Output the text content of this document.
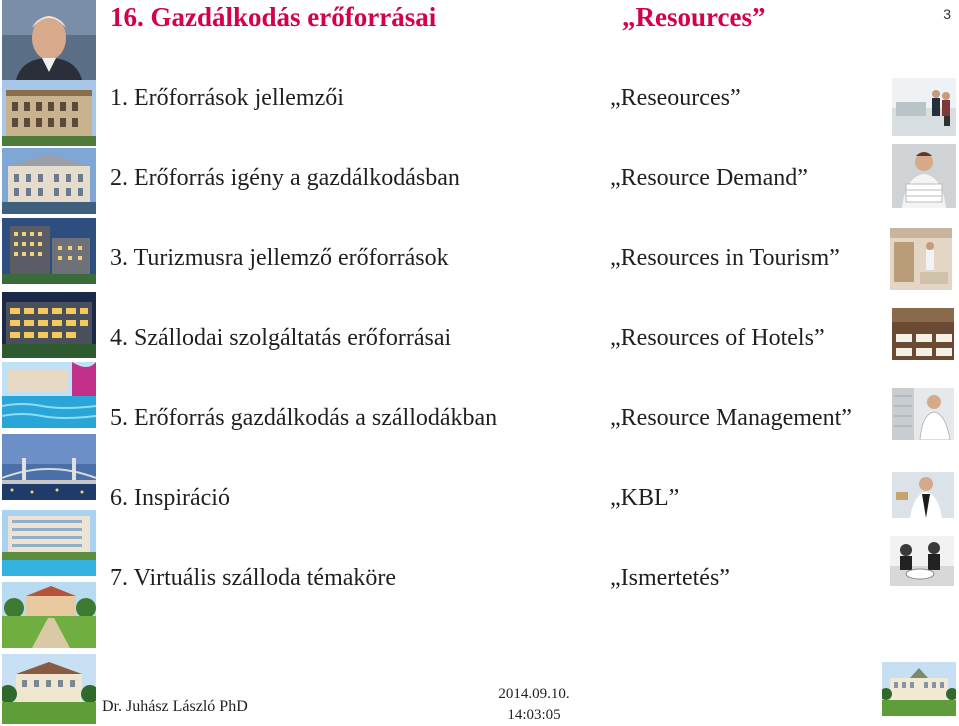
16. Gazdálkodás erőforrásai	„Resources”	3
1. Erőforrások jellemzői	„Reseources”
2. Erőforrás igény a gazdálkodásban	„Resource Demand”
3. Turizmusra jellemző erőforrások	„Resources in Tourism”
4. Szállodai szolgáltatás erőforrásai	„Resources of Hotels”
5. Erőforrás gazdálkodás a szállodákban	„Resource Management”
6. Inspiráció	„KBL”
7. Virtuális szálloda témaköre	„Ismertetés”
Dr. Juhász László PhD
2014.09.10.
14:03:05
